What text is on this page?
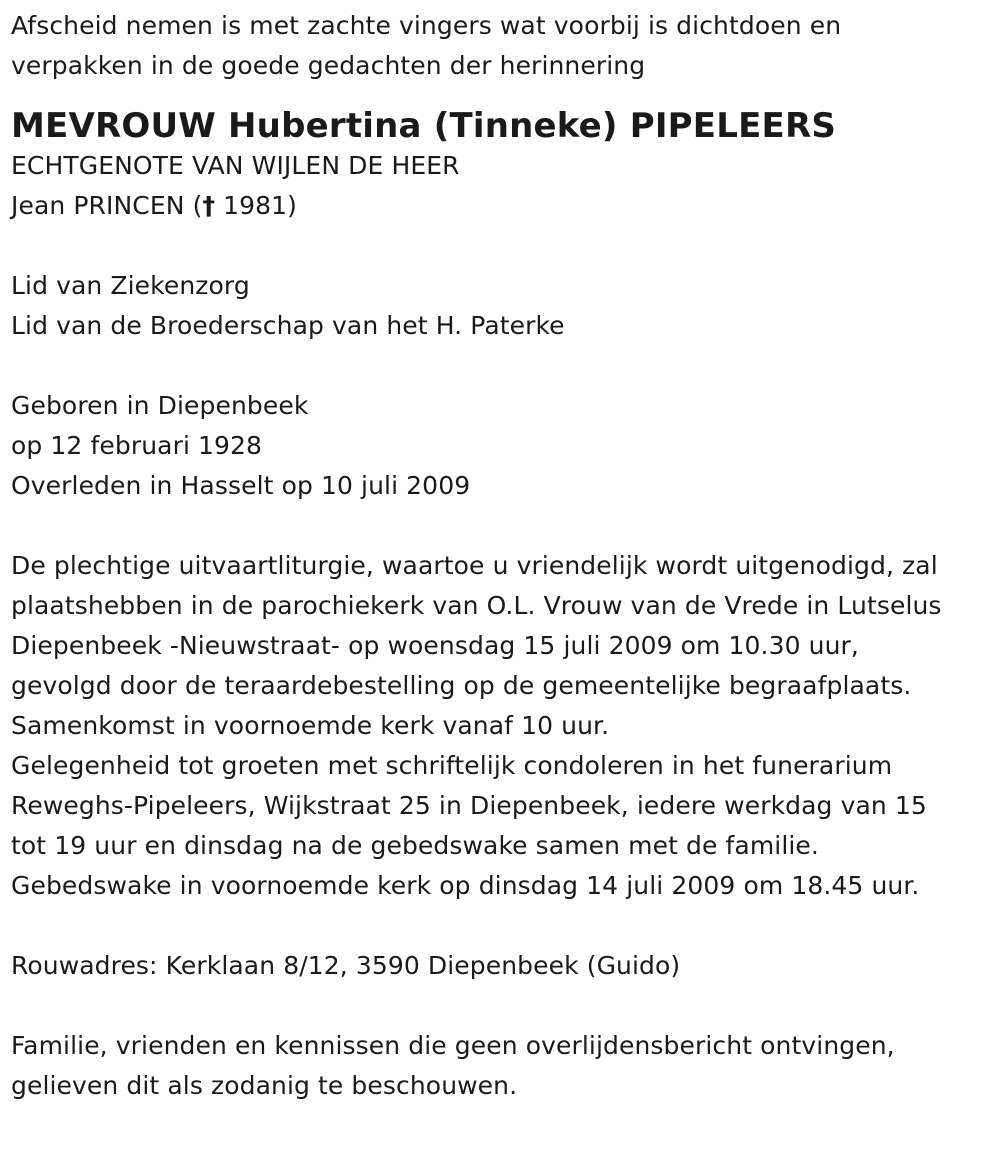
Afscheid nemen is met zachte vingers wat voorbij is dichtdoen en
verpakken in de goede gedachten der herinnering
MEVROUW Hubertina (Tinneke) PIPELEERS
ECHTGENOTE VAN WIJLEN DE HEER
Jean PRINCEN († 1981)
Lid van Ziekenzorg
Lid van de Broederschap van het H. Paterke
Geboren in Diepenbeek
op 12 februari 1928
Overleden in Hasselt op 10 juli 2009
De plechtige uitvaartliturgie, waartoe u vriendelijk wordt uitgenodigd, zal
plaatshebben in de parochiekerk van O.L. Vrouw van de Vrede in Lutselus
Diepenbeek -Nieuwstraat- op woensdag 15 juli 2009 om 10.30 uur,
gevolgd door de teraardebestelling op de gemeentelijke begraafplaats.
Samenkomst in voornoemde kerk vanaf 10 uur.
Gelegenheid tot groeten met schriftelijk condoleren in het funerarium
Reweghs-Pipeleers, Wijkstraat 25 in Diepenbeek, iedere werkdag van 15
tot 19 uur en dinsdag na de gebedswake samen met de familie.
Gebedswake in voornoemde kerk op dinsdag 14 juli 2009 om 18.45 uur.
Rouwadres: Kerklaan 8/12, 3590 Diepenbeek (Guido)
Familie, vrienden en kennissen die geen overlijdensbericht ontvingen,
gelieven dit als zodanig te beschouwen.
